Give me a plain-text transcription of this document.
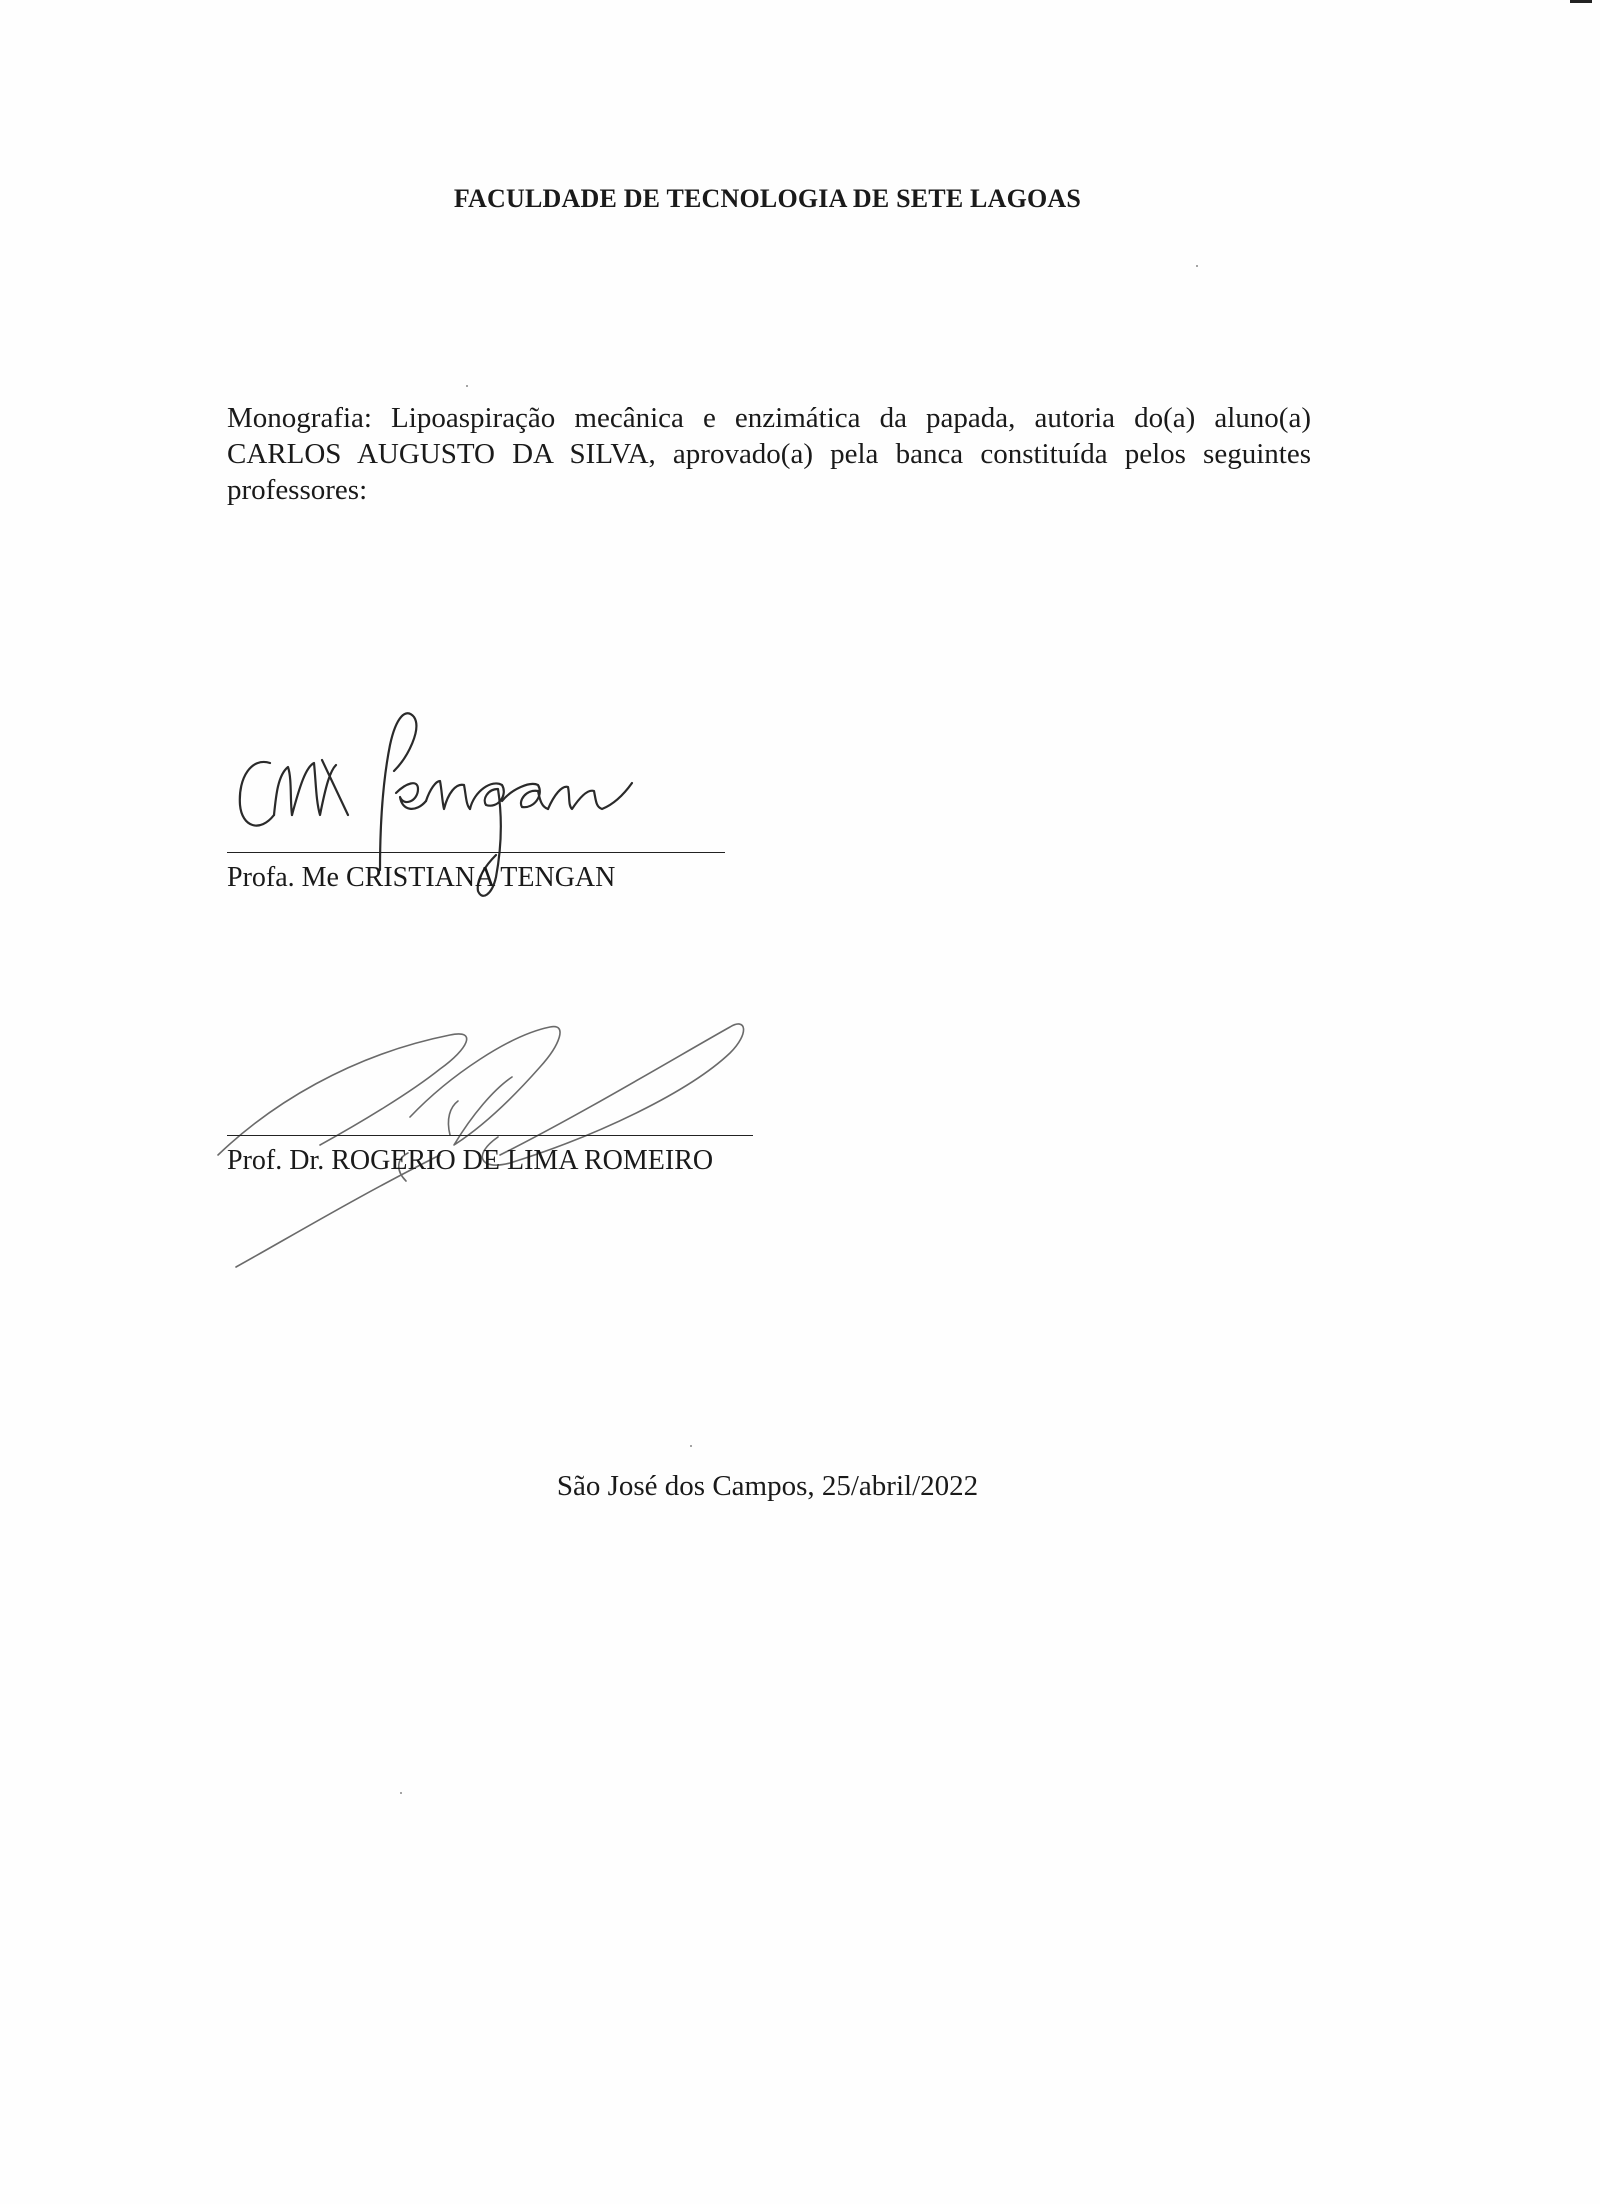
FACULDADE DE TECNOLOGIA DE SETE LAGOAS
Monografia: Lipoaspiração mecânica e enzimática da papada, autoria do(a) aluno(a) CARLOS AUGUSTO DA SILVA, aprovado(a) pela banca constituída pelos seguintes professores:
Profa. Me CRISTIANA TENGAN
Prof. Dr. ROGERIO DE LIMA ROMEIRO
São José dos Campos, 25/abril/2022
